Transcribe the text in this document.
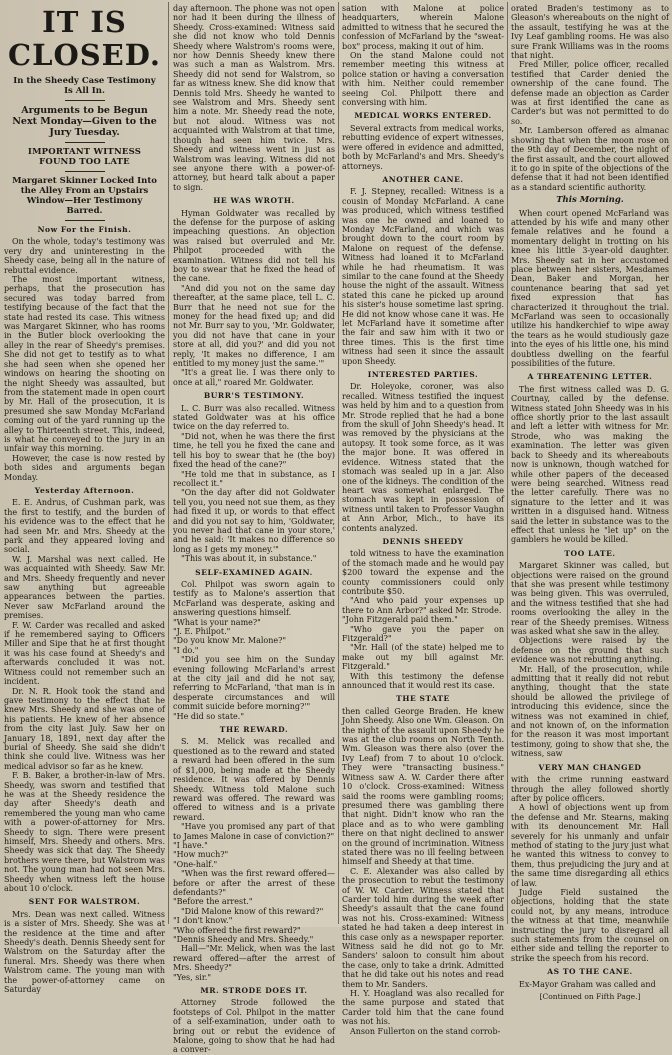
IT IS CLOSED.
In the Sheedy Case Testimony Is All In.
Arguments to be Begun Next Monday—Given to the Jury Tuesday.
IMPORTANT WITNESS FOUND TOO LATE
Margaret Skinner Locked Into the Alley From an Upstairs Window—Her Testimony Barred.
Now For the Finish.

On the whole, today's testimony was very dry and uninteresting in the Sheedy case, being all in the nature of rebuttal evidence.

The most important witness, perhaps, that the prosecution has secured was today barred from testifying because of the fact that the state had rested its case. This witness was Margaret Skinner, who has rooms in the Butler block overlooking the alley in the rear of Sheedy's premises. She did not get to testify as to what she had seen when she opened her windows on hearing the shooting on the night Sheedy was assaulted, but from the statement made in open court by Mr. Hall of the prosecution, it is presumed she saw Monday McFarland coming out of the yard running up the alley to Thirteenth street. This, indeed, is what he conveyed to the jury in an unfair way this morning.

However, the case is now rested by both sides and arguments began Monday.

Yesterday Afternoon.

E. E. Andrus, of Cushman park, was the first to testify, and the burden of his evidence was to the effect that he had seen Mr. and Mrs. Sheedy at the park and they appeared loving and social.

W. J. Marshal was next called. He was acquainted with Sheedy. Saw Mr. and Mrs. Sheedy frequently and never saw anything but agreeable appearances between the parties. Never saw McFarland around the premises.

F. W. Carder was recalled and asked if he remembered saying to Officers Miller and Sipe that he at first thought it was his case found at Sheedy's and afterwards concluded it was not. Witness could not remember such an incident.

Dr. N. R. Hook took the stand and gave testimony to the effect that he knew Mrs. Sheedy and she was one of his patients. He knew of her absence from the city last July. Saw her on January 18, 1891, next day after the burial of Sheedy. She said she didn't think she could live. Witness was her medical advisor so far as he knew.

F. B. Baker, a brother-in-law of Mrs. Sheedy, was sworn and testified that he was at the Sheedy residence the day after Sheedy's death and remembered the young man who came with a power-of-attorney for Mrs. Sheedy to sign. There were present himself, Mrs. Sheedy and others. Mrs. Sheedy was sick that day. The Sheedy brothers were there, but Walstrom was not. The young man had not seen Mrs. Sheedy when witness left the house about 10 o'clock.

SENT FOR WALSTROM.

Mrs. Dean was next called. Witness is a sister of Mrs. Sheedy. She was at the residence at the time and after Sheedy's death. Dennis Sheedy sent for Walstrom on the Saturday after the funeral. Mrs. Sheedy was there when Walstrom came. The young man with the power-of-attorney came on Saturday

day afternoon. The phone was not open nor had it been during the illness of Sheedy. Cross-examined: Witness said she did not know who told Dennis Sheedy where Walstrom's rooms were, nor how Dennis Sheedy knew there was such a man as Walstrom. Mrs. Sheedy did not send for Walstrom, so far as witness knew. She did know that Dennis told Mrs. Sheedy he wanted to see Walstrom and Mrs. Sheedy sent him a note. Mr. Sheedy read the note, but not aloud. Witness was not acquainted with Walstrom at that time, though had seen him twice. Mrs. Sheedy and witness went in just as Walstrom was leaving. Witness did not see anyone there with a power-of-attorney, but heard talk about a paper to sign.

HE WAS WROTH.

Hyman Goldwater was recalled by the defense for the purpose of asking impeaching questions. An objection was raised but overruled and Mr. Philpot proceeded with the examination. Witness did not tell his boy to swear that he fixed the head of the cane.

"And did you not on the same day thereafter, at the same place, tell L. C. Burr that he need not sue for the money for the head fixed up; and did not Mr. Burr say to you, 'Mr. Goldwater, you did not have that cane in your store at all, did you?' and did you not reply, 'It makes no difference, I am entitled to my money just the same.'"

"It's a great lie. I was there only to once at all," roared Mr. Goldwater.

BURR'S TESTIMONY.

L. C. Burr was also recalled. Witness stated Goldwater was at his office twice on the day referred to.

"Did not, when he was there the first time, he tell you he fixed the cane and tell his boy to swear that he (the boy) fixed the head of the cane?"

"He told me that in substance, as I recollect it."

"On the day after did not Goldwater tell you, you need not sue them, as they had fixed it up, or words to that effect and did you not say to him, 'Goldwater, you never had that cane in your store,' and he said: 'It makes no difference so long as I gets my money.'"

"This was about it, in substance."

SELF-EXAMINED AGAIN.

Col. Philpot was sworn again to testify as to Malone's assertion that McFarland was desperate, asking and answering questions himself.

"What is your name?"

"J. E. Philpot."

"Do you know Mr. Malone?"

"I do."

"Did you see him on the Sunday evening following McFarland's arrest at the city jail and did he not say, referring to McFarland, 'that man is in desperate circumstances and will commit suicide before morning?'"

"He did so state."

THE REWARD.

S. M. Melick was recalled and questioned as to the reward and stated a reward had been offered in the sum of $1,000, being made at the Sheedy residence. It was offered by Dennis Sheedy. Witness told Malone such reward was offered. The reward was offered to witness and is a private reward.

"Have you promised any part of that to James Malone in case of conviction?"

"I have."

"How much?"

"One-half."

"When was the first reward offered—before or after the arrest of these defendants?"

"Before the arrest."

"Did Malone know of this reward?"

"I don't know."

"Who offered the first reward?"

"Dennis Sheedy and Mrs. Sheedy."

Hall—"Mr. Melick, when was the last reward offered—after the arrest of Mrs. Sheedy?"

"Yes, sir."

MR. STRODE DOES IT.

Attorney Strode followed the footsteps of Col. Philpot in the matter of a self-examination, under oath to bring out or rebut the evidence of Malone, going to show that he had had a conver-

sation with Malone at police headquarters, wherein Malone admitted to witness that he secured the confession of McFarland by the "sweat-box" process, making it out of him.

On the stand Malone could not remember meeting this witness at police station or having a conversation with him. Neither could remember seeing Col. Philpott there and conversing with him.

MEDICAL WORKS ENTERED.

Several extracts from medical works, rebutting evidence of expert witnesses, were offered in evidence and admitted, both by McFarland's and Mrs. Sheedy's attorneys.

ANOTHER CANE.

F. J. Stepney, recalled: Witness is a cousin of Monday McFarland. A cane was produced, which witness testified was one he owned and loaned to Monday McFarland, and which was brought down to the court room by Malone on request of the defense. Witness had loaned it to McFarland while he had rheumatism. It was similar to the cane found at the Sheedy house the night of the assault. Witness stated this cane he picked up around his sister's house sometime last spring. He did not know whose cane it was. He let McFarland have it sometime after the fair and saw him with it two or three times. This is the first time witness had seen it since the assault upon Sheedy.

INTERESTED PARTIES.

Dr. Holeyoke, coroner, was also recalled. Witness testified the inquest was held by him and to a question from Mr. Strode replied that he had a bone from the skull of John Sheedy's head. It was removed by the physicians at the autopsy. It took some force, as it was the major bone. It was offered in evidence. Witness stated that the stomach was sealed up in a jar. Also one of the kidneys. The condition of the heart was somewhat enlarged. The stomach was kept in possession of witness until taken to Professor Vaughn at Ann Arbor, Mich., to have its contents analyzed.

DENNIS SHEEDY

told witness to have the examination of the stomach made and he would pay $200 toward the expense and the county commissioners could only contribute $50.

"And who paid your expenses up there to Ann Arbor?" asked Mr. Strode.

"John Fitzgerald paid them."

"Who gave you the paper on Fitzgerald?"

"Mr. Hall (of the state) helped me to make out my bill against Mr. Fitzgerald."

With this testimony the defense announced that it would rest its case.

THE STATE

then called George Braden. He knew John Sheedy. Also one Wm. Gleason. On the night of the assault upon Sheedy he was at the club rooms on North Tenth. Wm. Gleason was there also (over the Ivy Leaf) from 7 to about 10 o'clock. They were "transacting business." Witness saw A. W. Carder there after 10 o'clock. Cross-examined: Witness said the rooms were gambling rooms; presumed there was gambling there that night. Didn't know who ran the place and as to who were gambling there on that night declined to answer on the ground of incrimination. Witness stated there was no ill feeling between himself and Sheedy at that time.

C. E. Alexander was also called by the prosecution to rebut the testimony of W. W. Carder. Witness stated that Carder told him during the week after Sheedy's assault that the cane found was not his. Cross-examined: Witness stated he had taken a deep interest in this case only as a newspaper reporter. Witness said he did not go to Mr. Sanders' saloon to consult him about the case, only to take a drink. Admitted that he did take out his notes and read them to Mr. Sanders.

H. Y. Hoagland was also recalled for the same purpose and stated that Carder told him that the cane found was not his.

Anson Fullerton on the stand corrob-

orated Braden's testimony as to Gleason's whereabouts on the night of the assault, testifying he was at the Ivy Leaf gambling rooms. He was also sure Frank Williams was in the rooms that night.

Fred Miller, police officer, recalled testified that Carder denied the ownership of the cane found. The defense made an objection as Carder was at first identified the cane as Carder's but was not permitted to do so.

Mr. Lamberson offered as almanac showing that when the moon rose on the 9th day of December, the night of the first assault, and the court allowed it to go in spite of the objections of the defense that it had not been identified as a standard scientific authority.

This Morning.

When court opened McFarland was attended by his wife and many other female relatives and he found a momentary delight in trotting on his knee his little 3-year-old daughter. Mrs. Sheedy sat in her accustomed place between her sisters, Mesdames Dean, Baker and Morgan, her countenance bearing that sad yet fixed expression that has characterized it throughout the trial. McFarland was seen to occasionally utilize his handkerchief to wipe away the tears as he would studiously gaze into the eyes of his little one, his mind doubtless dwelling on the fearful possibilities of the future.

A THREATENING LETTER.

The first witness called was D. G. Courtnay, called by the defense. Witness stated John Sheedy was in his office shortly prior to the last assault and left a letter with witness for Mr. Strode, who was making the examination. The letter was given back to Sheedy and its whereabouts now is unknown, though watched for while other papers of the deceased were being searched. Witness read the letter carefully. There was no signature to the letter and it was written in a disguised hand. Witness said the letter in substance was to the effect that unless he "let up" on the gamblers he would be killed.

TOO LATE.

Margaret Skinner was called, but objections were raised on the ground that she was present while testimony was being given. This was overruled, and the witness testified that she had rooms overlooking the alley in the rear of the Sheedy premises. Witness was asked what she saw in the alley.

Objections were raised by the defense on the ground that such evidence was not rebutting anything.

Mr. Hall, of the prosecution, while admitting that it really did not rebut anything, thought that the state should be allowed the privilege of introducing this evidence, since the witness was not examined in chief, and not known of, on the information for the reason it was most important testimony, going to show that she, the witness, saw

VERY MAN CHANGED

with the crime running eastward through the alley followed shortly after by police officers.

A howl of objections went up from the defense and Mr. Stearns, making with its denouncement Mr. Hall severely for his unmanly and unfair method of stating to the jury just what he wanted this witness to convey to them, thus prejudicing the jury and at the same time disregarding all ethics of law.

Judge Field sustained the objections, holding that the state could not, by any means, introduce the witness at that time, meanwhile instructing the jury to disregard all such statements from the counsel on either side and telling the reporter to strike the speech from his record.

AS TO THE CANE.

Ex-Mayor Graham was called and

[Continued on Fifth Page.]
